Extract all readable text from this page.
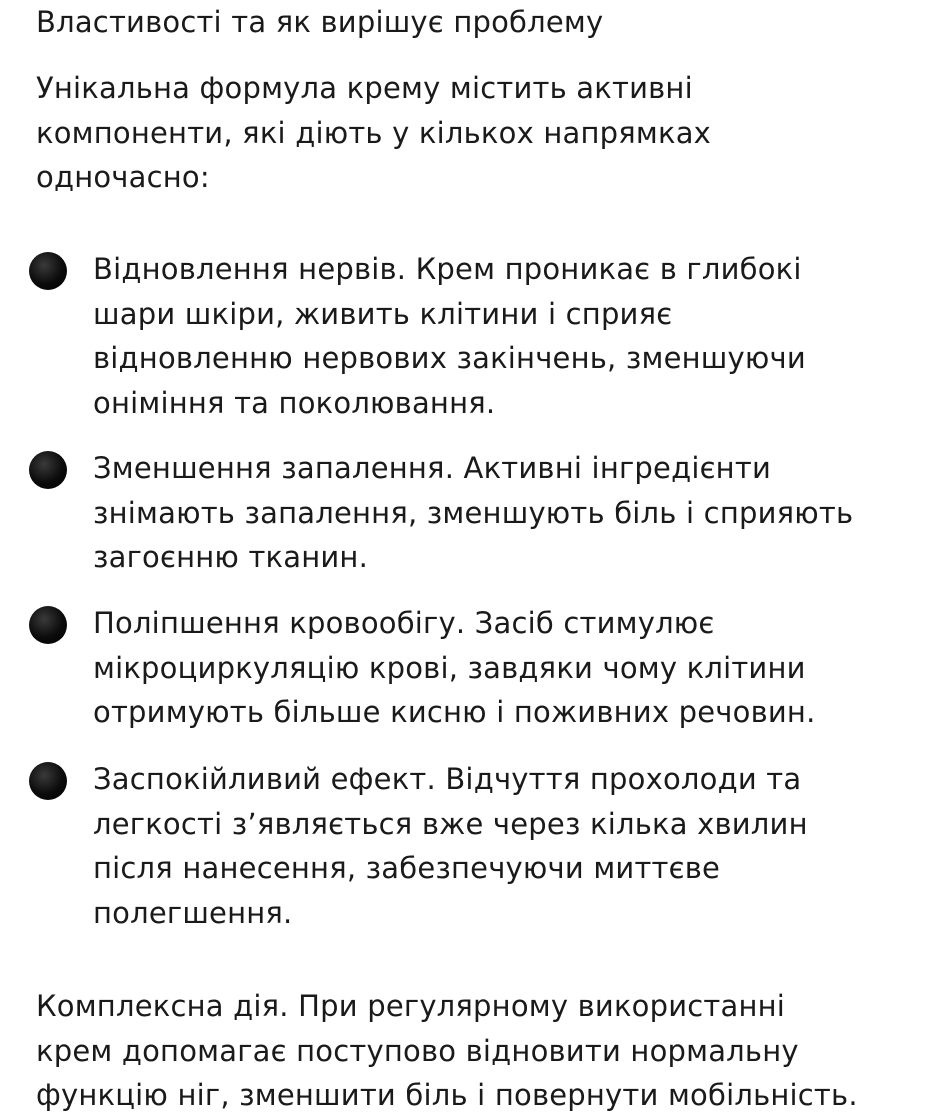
Властивості та як вирішує проблему
Унікальна формула крему містить активні
компоненти, які діють у кількох напрямках
одночасно:
Відновлення нервів. Крем проникає в глибокі
шари шкіри, живить клітини і сприяє
відновленню нервових закінчень, зменшуючи
оніміння та поколювання.
Зменшення запалення. Активні інгредієнти
знімають запалення, зменшують біль і сприяють
загоєнню тканин.
Поліпшення кровообігу. Засіб стимулює
мікроциркуляцію крові, завдяки чому клітини
отримують більше кисню і поживних речовин.
Заспокійливий ефект. Відчуття прохолоди та
легкості з’являється вже через кілька хвилин
після нанесення, забезпечуючи миттєве
полегшення.
Комплексна дія. При регулярному використанні
крем допомагає поступово відновити нормальну
функцію ніг, зменшити біль і повернути мобільність.
